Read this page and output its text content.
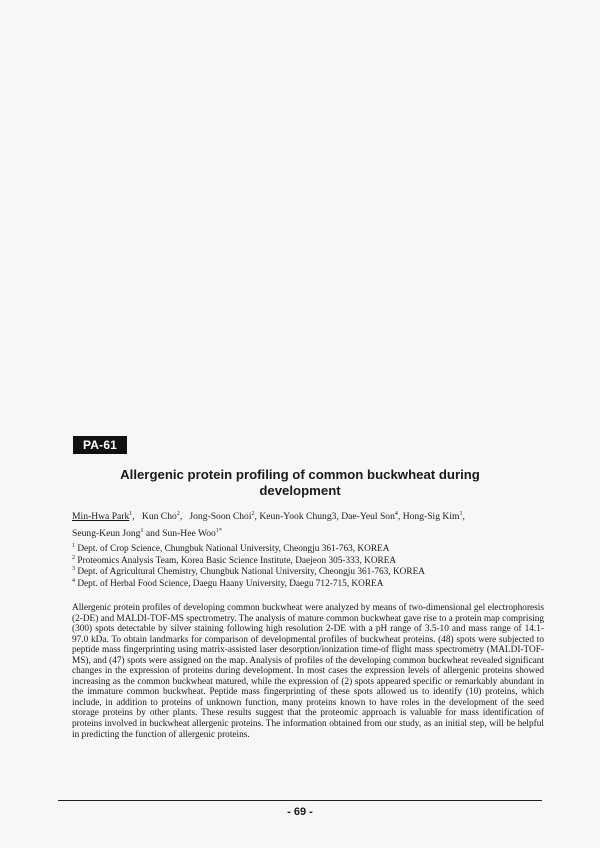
PA-61
Allergenic protein profiling of common buckwheat during development
Min-Hwa Park$^1$,   Kun Cho$^2$,   Jong-Soon Choi$^2$, Keun-Yook Chung3, Dae-Yeul Son$^4$, Hong-Sig Kim$^1$,
Seung-Keun Jong$^1$ and Sun-Hee Woo$^{1*}$
$^1$ Dept. of Crop Science, Chungbuk National University, Cheongju 361-763, KOREA
$^2$ Proteomics Analysis Team, Korea Basic Science Institute, Daejeon 305-333, KOREA
$^3$ Dept. of Agricultural Chemistry, Chungbuk National University, Cheongju 361-763, KOREA
$^4$ Dept. of Herbal Food Science, Daegu Haany University, Daegu 712-715, KOREA

Allergenic protein profiles of developing common buckwheat were analyzed by means of two-dimensional gel electrophoresis (2-DE) and MALDI-TOF-MS spectrometry. The analysis of mature common buckwheat gave rise to a protein map comprising (300) spots detectable by silver staining following high resolution 2-DE with a pH range of 3.5-10 and mass range of 14.1-97.0 kDa. To obtain landmarks for comparison of developmental profiles of buckwheat proteins. (48) spots were subjected to peptide mass fingerprinting using matrix-assisted laser desorption/ionization time-of flight mass spectrometry (MALDI-TOF-MS), and (47) spots were assigned on the map. Analysis of profiles of the developing common buckwheat revealed significant changes in the expression of proteins during development. In most cases the expression levels of allergenic proteins showed increasing as the common buckwheat matured, while the expression of (2) spots appeared specific or remarkably abundant in the immature common buckwheat. Peptide mass fingerprinting of these spots allowed us to identify (10) proteins, which include, in addition to proteins of unknown function, many proteins known to have roles in the development of the seed storage proteins by other plants. These results suggest that the proteomic approach is valuable for mass identification of proteins involved in buckwheat allergenic proteins. The information obtained from our study, as an initial step, will be helpful in predicting the function of allergenic proteins.

- 69 -
